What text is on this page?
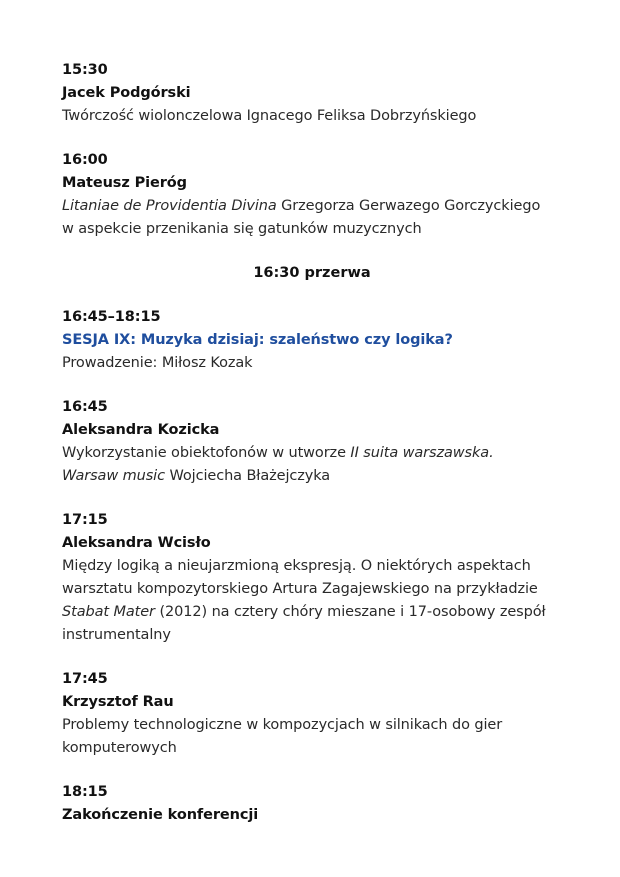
15:30
Jacek Podgórski
Twórczość wiolonczelowa Ignacego Feliksa Dobrzyńskiego
16:00
Mateusz Pieróg
Litaniae de Providentia Divina Grzegorza Gerwazego Gorczyckiego
w aspekcie przenikania się gatunków muzycznych
16:30 przerwa
16:45–18:15
SESJA IX: Muzyka dzisiaj: szaleństwo czy logika?
Prowadzenie: Miłosz Kozak
16:45
Aleksandra Kozicka
Wykorzystanie obiektofonów w utworze II suita warszawska.
Warsaw music Wojciecha Błażejczyka
17:15
Aleksandra Wcisło
Między logiką a nieujarzmioną ekspresją. O niektórych aspektach
warsztatu kompozytorskiego Artura Zagajewskiego na przykładzie
Stabat Mater (2012) na cztery chóry mieszane i 17-osobowy zespół
instrumentalny
17:45
Krzysztof Rau
Problemy technologiczne w kompozycjach w silnikach do gier
komputerowych
18:15
Zakończenie konferencji
